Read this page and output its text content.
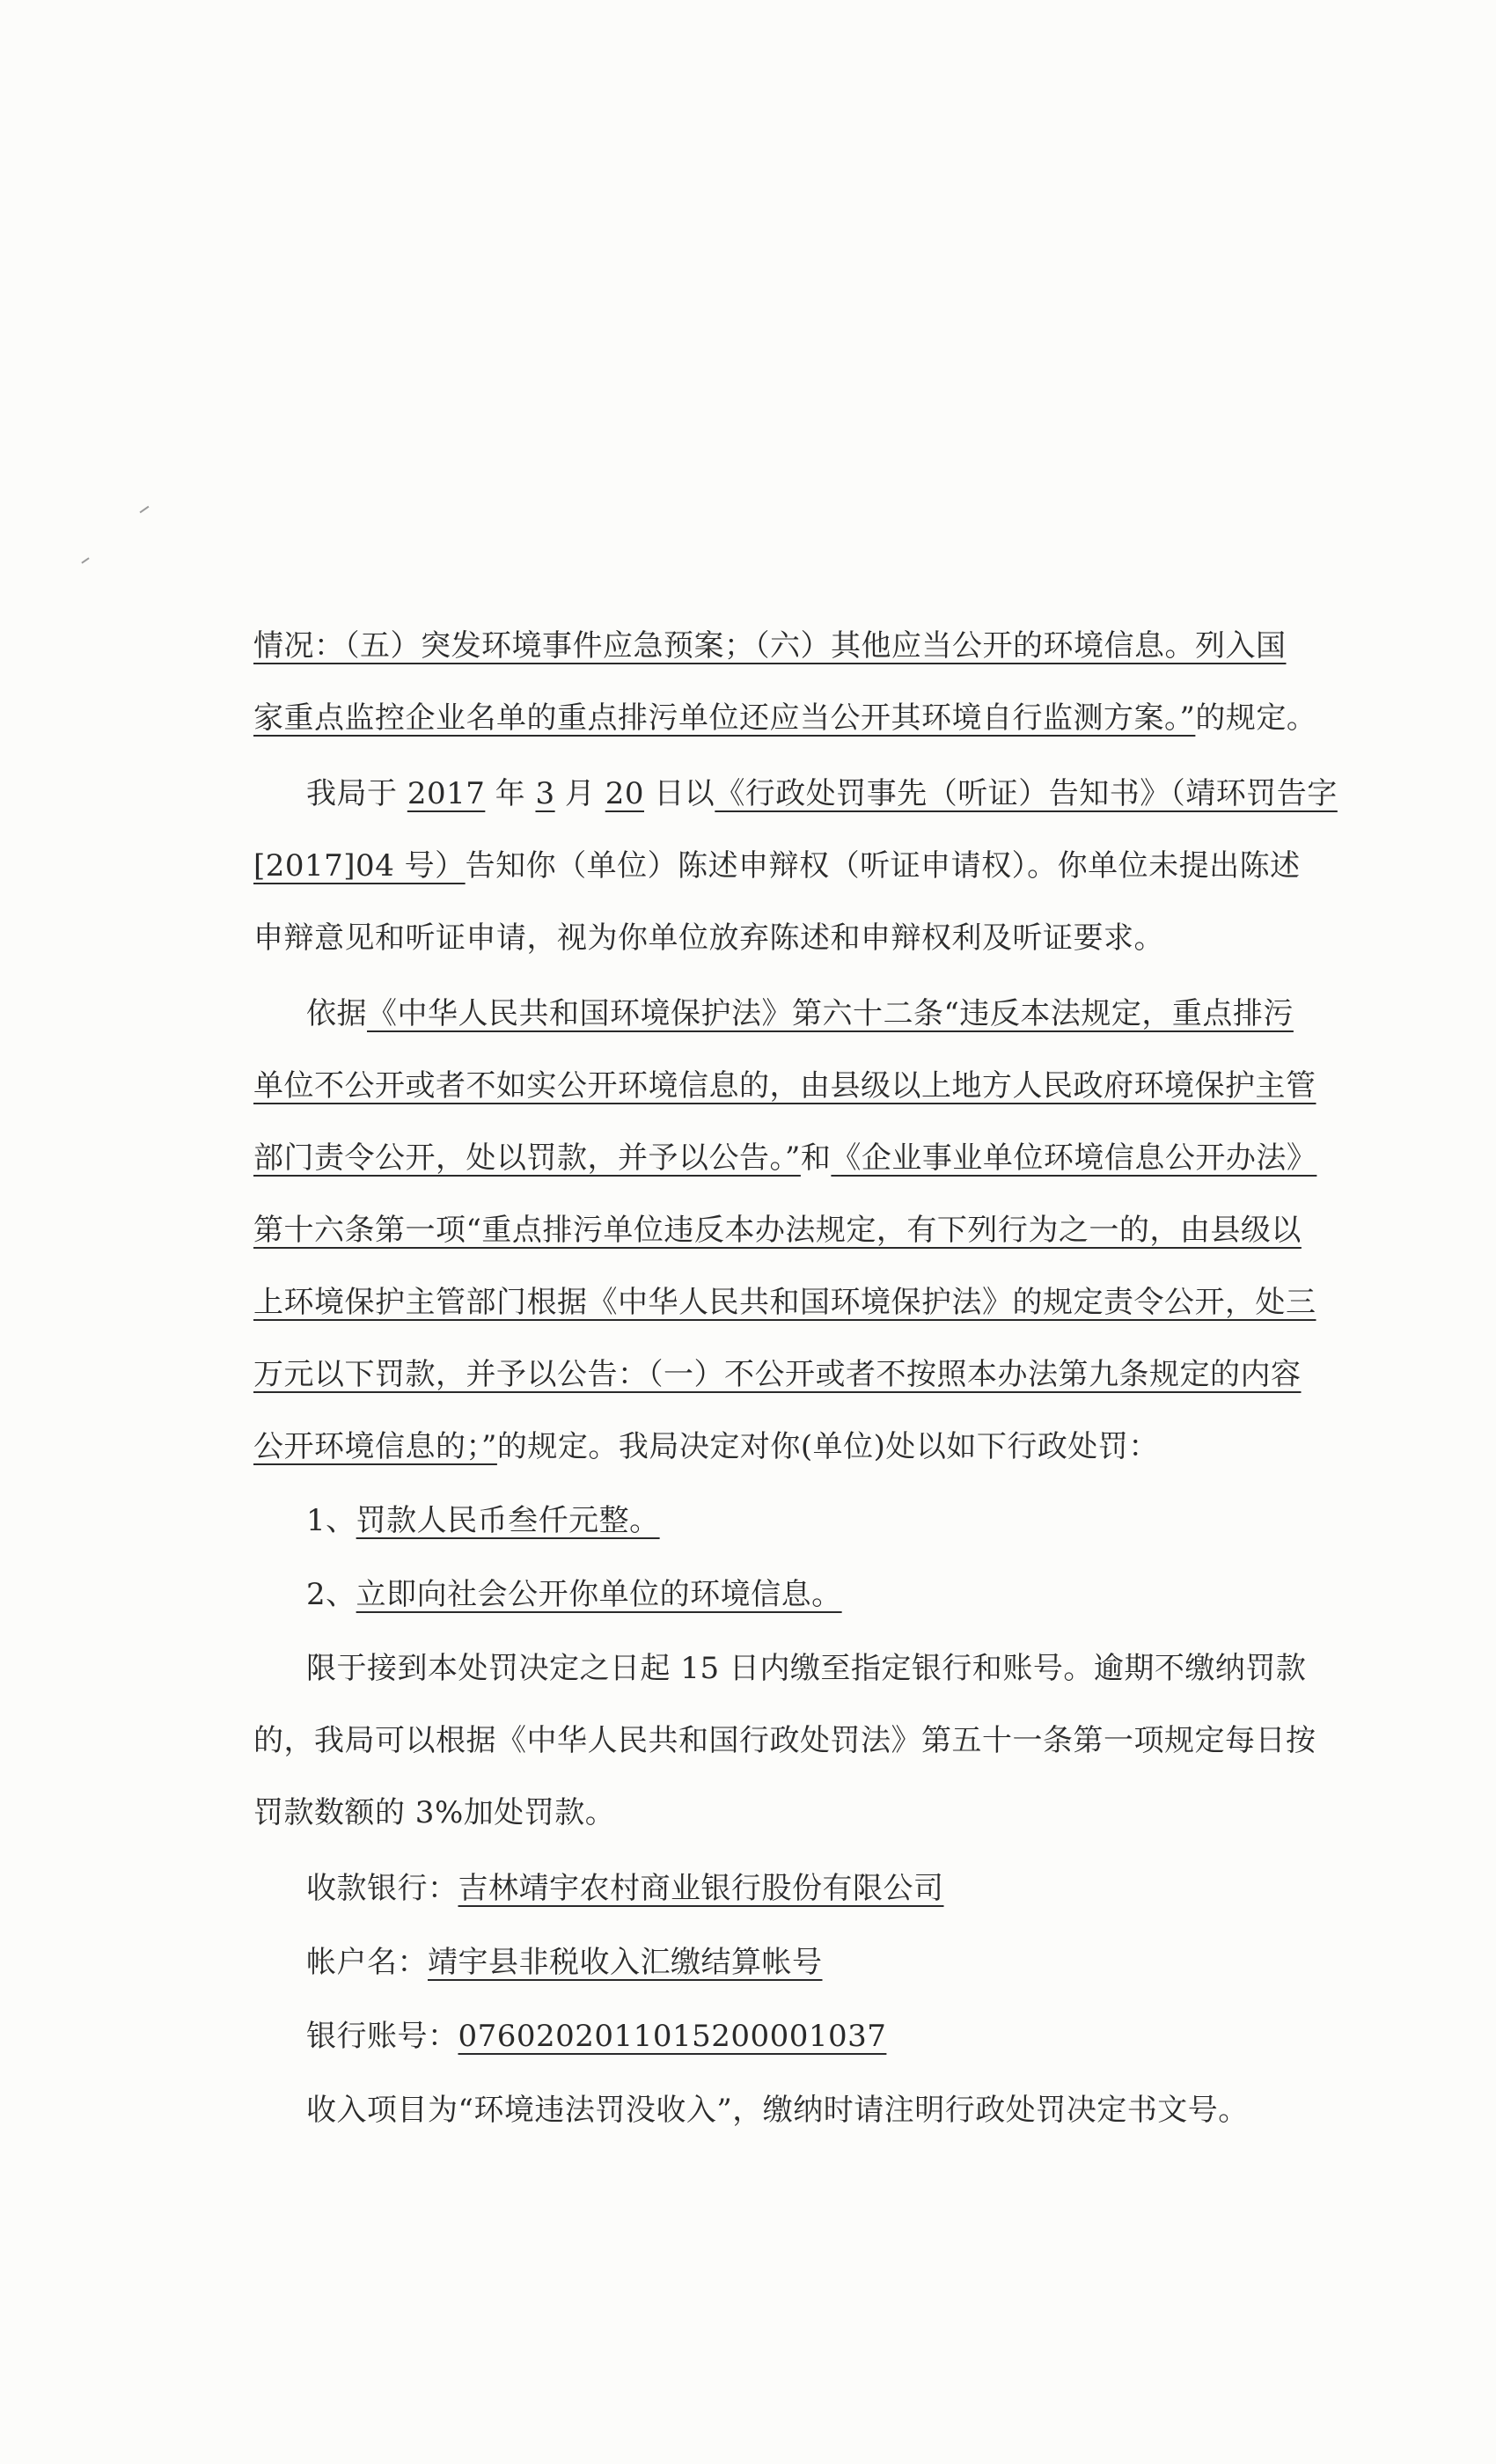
情况：（五）突发环境事件应急预案；（六）其他应当公开的环境信息。列入国
家重点监控企业名单的重点排污单位还应当公开其环境自行监测方案。”的规定。
我局于 2017 年 3 月 20 日以《行政处罚事先（听证）告知书》（靖环罚告字
[2017]04 号）告知你（单位）陈述申辩权（听证申请权）。你单位未提出陈述
申辩意见和听证申请，视为你单位放弃陈述和申辩权利及听证要求。
依据《中华人民共和国环境保护法》第六十二条“违反本法规定，重点排污
单位不公开或者不如实公开环境信息的，由县级以上地方人民政府环境保护主管
部门责令公开，处以罚款，并予以公告。”和《企业事业单位环境信息公开办法》
第十六条第一项“重点排污单位违反本办法规定，有下列行为之一的，由县级以
上环境保护主管部门根据《中华人民共和国环境保护法》的规定责令公开，处三
万元以下罚款，并予以公告：（一）不公开或者不按照本办法第九条规定的内容
公开环境信息的；”的规定。我局决定对你(单位)处以如下行政处罚：
1、罚款人民币叁仟元整。
2、立即向社会公开你单位的环境信息。
限于接到本处罚决定之日起 15 日内缴至指定银行和账号。逾期不缴纳罚款
的，我局可以根据《中华人民共和国行政处罚法》第五十一条第一项规定每日按
罚款数额的 3%加处罚款。
收款银行：吉林靖宇农村商业银行股份有限公司
帐户名：靖宇县非税收入汇缴结算帐号
银行账号：0760202011015200001037
收入项目为“环境违法罚没收入”，缴纳时请注明行政处罚决定书文号。
